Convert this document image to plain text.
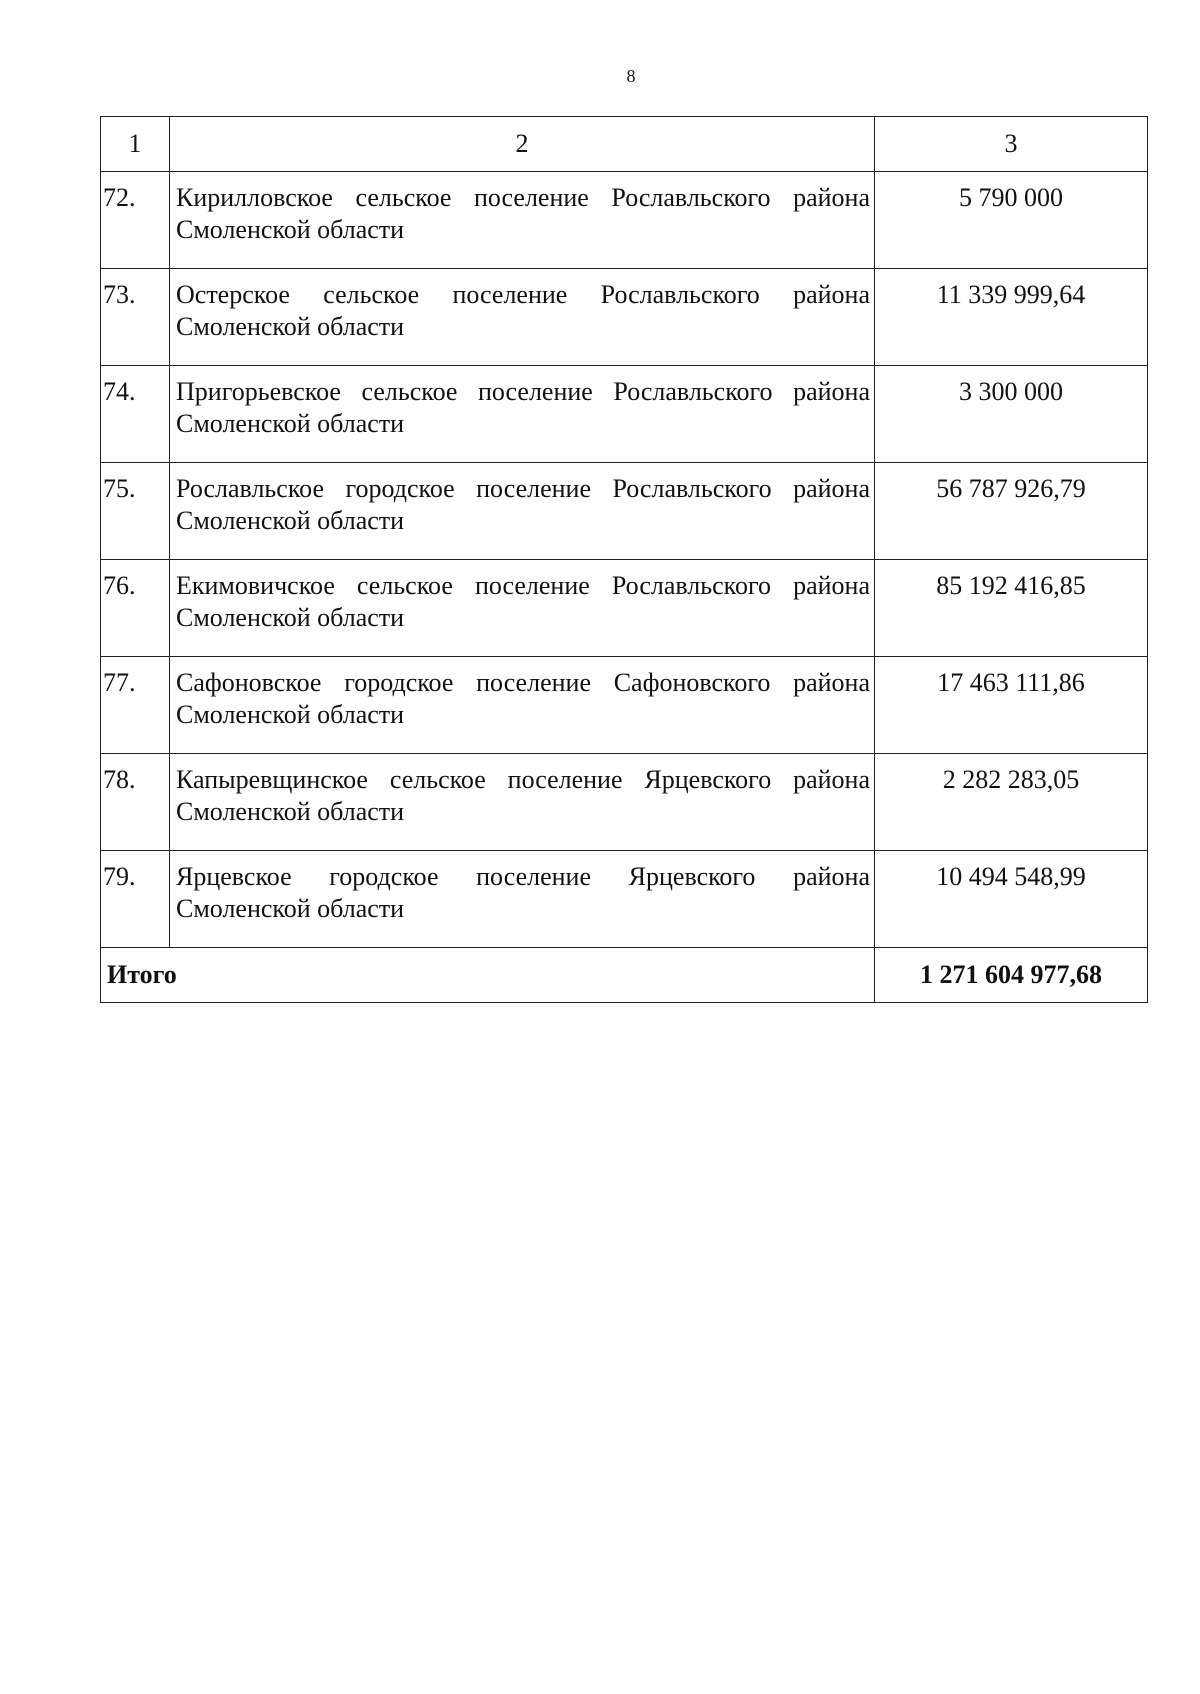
8
1	2	3
72.	Кирилловское сельское поселение Рославльского района Смоленской области	5 790 000
73.	Остерское сельское поселение Рославльского района Смоленской области	11 339 999,64
74.	Пригорьевское сельское поселение Рославльского района Смоленской области	3 300 000
75.	Рославльское городское поселение Рославльского района Смоленской области	56 787 926,79
76.	Екимовичское сельское поселение Рославльского района Смоленской области	85 192 416,85
77.	Сафоновское городское поселение Сафоновского района Смоленской области	17 463 111,86
78.	Капыревщинское сельское поселение Ярцевского района Смоленской области	2 282 283,05
79.	Ярцевское городское поселение Ярцевского района Смоленской области	10 494 548,99
Итого		1 271 604 977,68
